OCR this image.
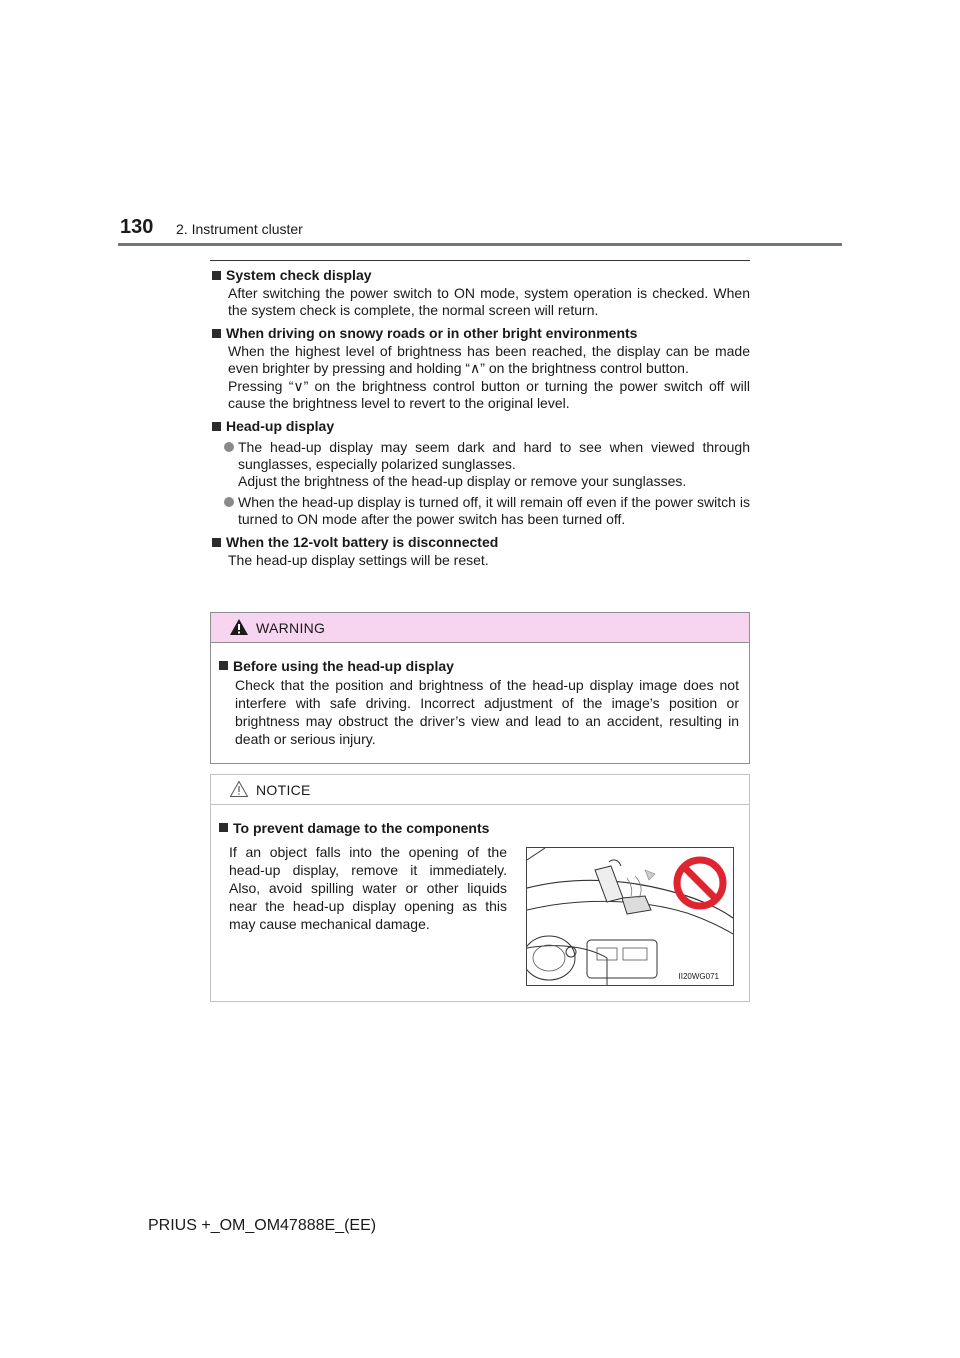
130 2. Instrument cluster
System check display
After switching the power switch to ON mode, system operation is checked. When the system check is complete, the normal screen will return.
When driving on snowy roads or in other bright environments
When the highest level of brightness has been reached, the display can be made even brighter by pressing and holding “∧” on the brightness control button.
Pressing “∨” on the brightness control button or turning the power switch off will cause the brightness level to revert to the original level.
Head-up display
The head-up display may seem dark and hard to see when viewed through sunglasses, especially polarized sunglasses.
Adjust the brightness of the head-up display or remove your sunglasses.
When the head-up display is turned off, it will remain off even if the power switch is turned to ON mode after the power switch has been turned off.
When the 12-volt battery is disconnected
The head-up display settings will be reset.
WARNING
Before using the head-up display
Check that the position and brightness of the head-up display image does not interfere with safe driving. Incorrect adjustment of the image’s position or brightness may obstruct the driver’s view and lead to an accident, resulting in death or serious injury.
NOTICE
To prevent damage to the components
If an object falls into the opening of the head-up display, remove it immediately. Also, avoid spilling water or other liquids near the head-up display opening as this may cause mechanical damage.
II20WG071
PRIUS +_OM_OM47888E_(EE)
